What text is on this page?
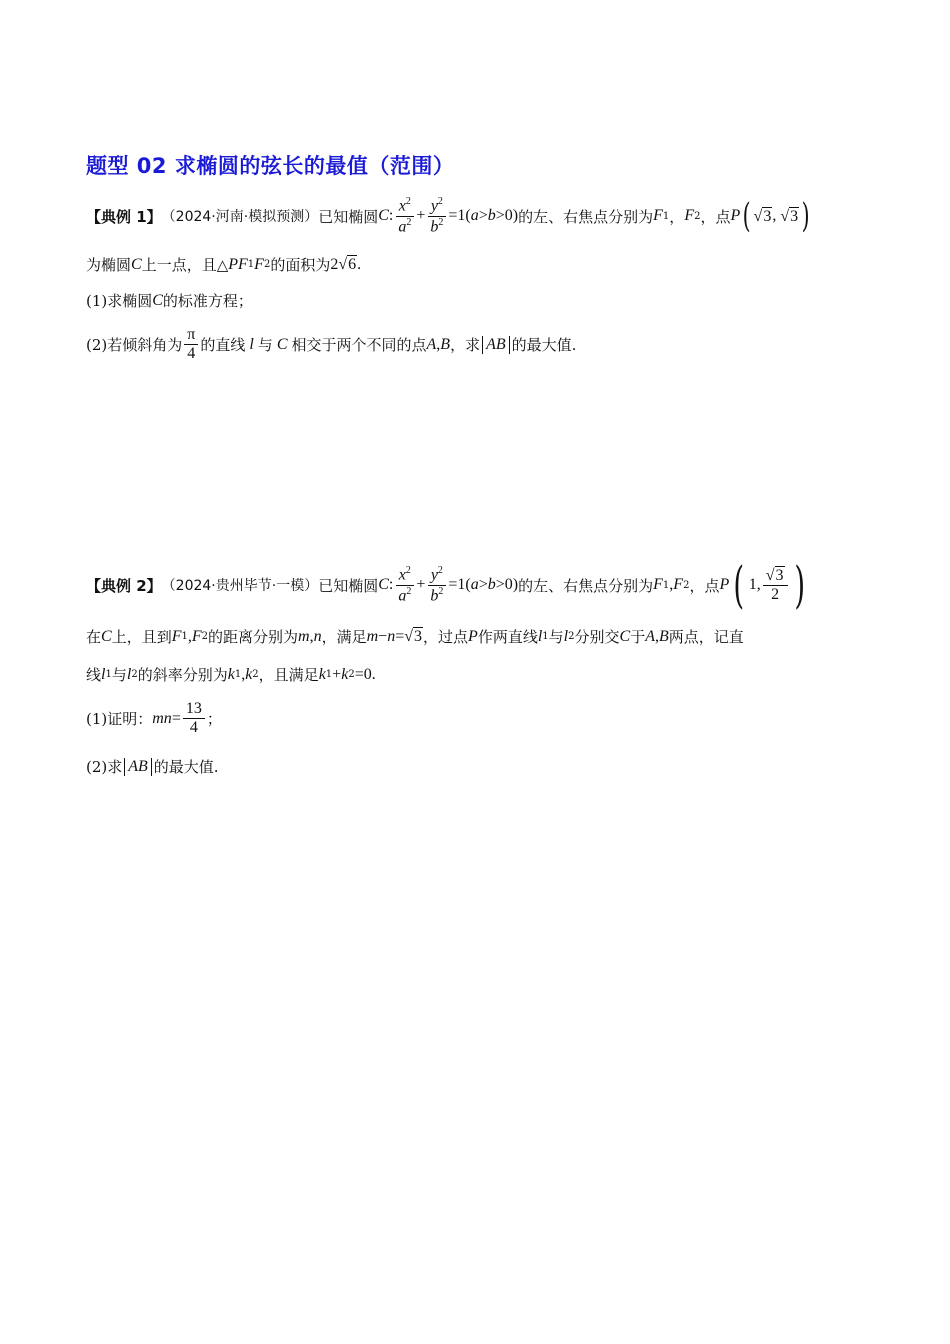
题型 02 求椭圆的弦长的最值（范围）
【典例 1】 （2024·河南·模拟预测） 已知椭圆 C : $\frac{x^2}{a^2} + \frac{y^2}{b^2} =1$( a > b >0) 的左、右焦点分别为 F 1 ， F 2 ，点 P ( √ 3 , √ 3 )
为椭圆 C 上一点，且△ PF 1 F 2 的面积为 2 √ 6 .
(1)求椭圆 C 的标准方程；
(2)若倾斜角为 $\frac{\pi}{4}$ 的直线 l 与 C 相交于两个不同的点 A , B ，求 AB 的最大值.
【典例 2】 （2024·贵州毕节·一模） 已知椭圆 C : $\frac{x^2}{a^2} + \frac{y^2}{b^2} =1$( a > b >0) 的左、右焦点分别为 F 1 , F 2 ，点 P ( 1, $\frac{√ 3}{2}$ )
在 C 上，且到 F 1 , F 2 的距离分别为 m , n ，满足 m − n = √ 3 ，过点 P 作两直线 l 1 与 l 2 分别交 C 于 A , B 两点，记直
线 l 1 与 l 2 的斜率分别为 k 1 , k 2 ，且满足 k 1 + k 2 =0.
(1)证明： mn = $\frac{13}{4}$ ；
(2)求 AB 的最大值.
